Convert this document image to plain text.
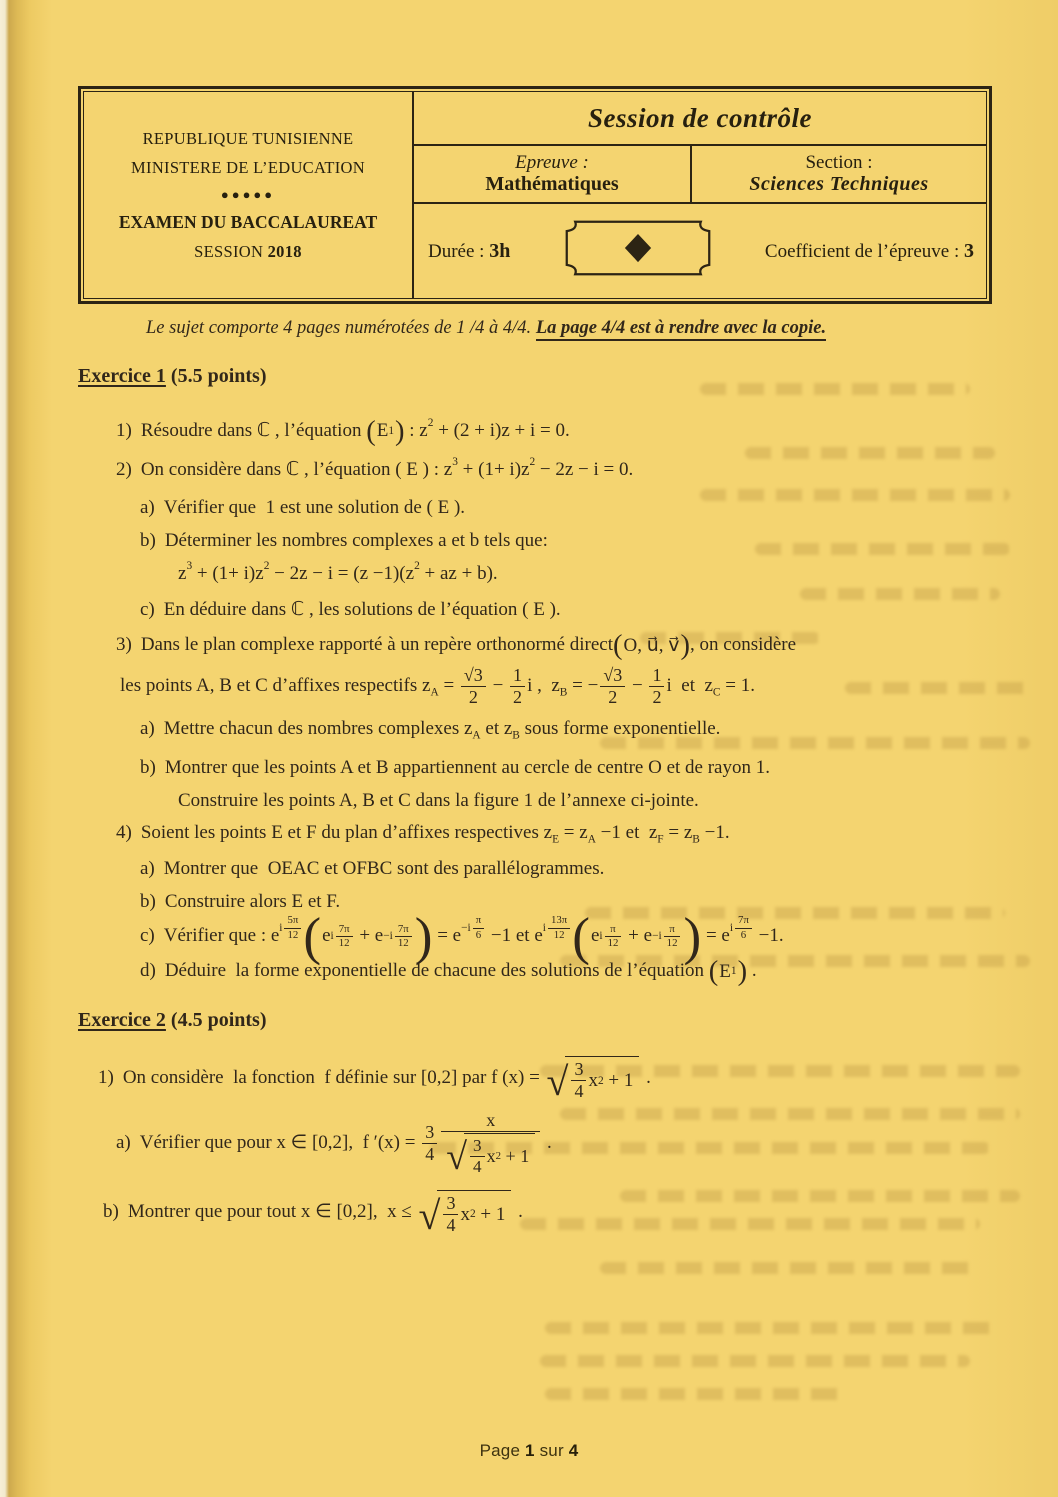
REPUBLIQUE TUNISIENNE
MINISTERE DE L’EDUCATION
●●●●●
EXAMEN DU BACCALAUREAT
SESSION 2018
Session de contrôle
Epreuve :
Mathématiques
Section :
Sciences Techniques
Durée : 3h	Coefficient de l’épreuve : 3
Le sujet comporte 4 pages numérotées de 1 /4 à 4/4. La page 4/4 est à rendre avec la copie.
Exercice 1 (5.5 points)
1) Résoudre dans ℂ , l’équation ( E 1 ) : z2 + (2 + i)z + i = 0.
2) On considère dans ℂ , l’équation ( E ) : z3 + (1+ i)z2 − 2z − i = 0.
a) Vérifier que  1 est une solution de ( E ).
b) Déterminer les nombres complexes a et b tels que:
z3 + (1+ i)z2 − 2z − i = (z −1)(z2 + az + b).
c) En déduire dans ℂ , les solutions de l’équation ( E ).
3) Dans le plan complexe rapporté à un repère orthonormé direct ( O, u⃗, v⃗ ) , on considère
les points A, B et C d’affixes respectifs $z_A = \frac{√3}{2} - \frac{1}{2}$ i ,  $z_B$ = − $\frac{√3}{2} - \frac{1}{2}$ i  et  $z_C = 1$.
a) Mettre chacun des nombres complexes $z_A$ et $z_B$ sous forme exponentielle.
b) Montrer que les points A et B appartiennent au cercle de centre O et de rayon 1.
Construire les points A, B et C dans la figure 1 de l’annexe ci-jointe.
4) Soient les points E et F du plan d’affixes respectives $z_E = z_A -1$ et  $z_F = z_B -1$.
a) Montrer que  OEAC et OFBC sont des parallélogrammes.
b) Construire alors E et F.
c) Vérifier que : e i $\frac{5\pi}{12}$ ( e i $\frac{7\pi}{12} + e -i \frac{7\pi}{12}$ ) = $e -i \frac{\pi}{6} -1$ et e i $\frac{13\pi}{12}$ ( e i $\frac{\pi}{12} + e -i \frac{\pi}{12}$ ) = e i $\frac{7\pi}{6} -1$.
d) Déduire  la forme exponentielle de chacune des solutions de l’équation ( E 1 ) .
Exercice 2 (4.5 points)
1) On considère  la fonction  f définie sur [0,2] par f (x) = √ $\frac{3}{4}$ x 2 + 1 .
a) Vérifier que pour x ∈ [0,2],  f $'(x) = \frac{3}{4} \frac{x}{√ \frac{3}{4} x 2 + 1}$ .
b) Montrer que pour tout x ∈ [0,2],  x ≤ √ $\frac{3}{4}$ x 2 + 1 .
Page 1 sur 4
